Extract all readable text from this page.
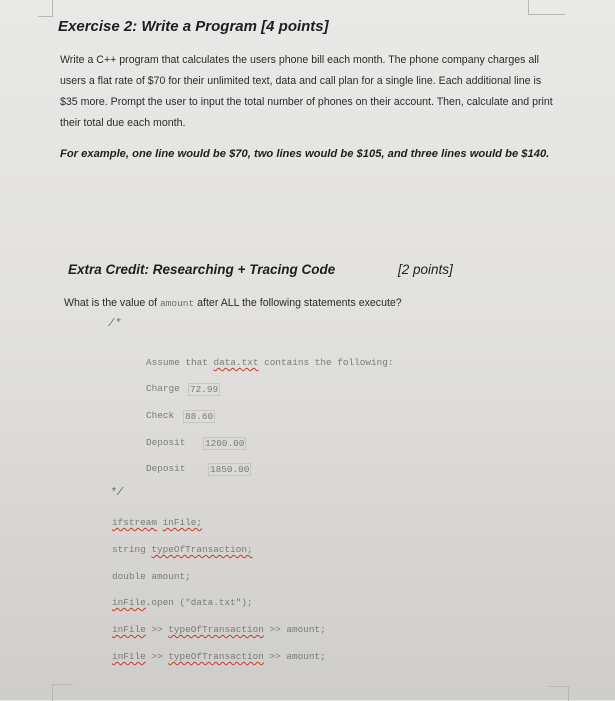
Exercise 2: Write a Program [4 points]
Write a C++ program that calculates the users phone bill each month. The phone company charges all users a flat rate of $70 for their unlimited text, data and call plan for a single line. Each additional line is $35 more. Prompt the user to input the total number of phones on their account. Then, calculate and print their total due each month.
For example, one line would be $70, two lines would be $105, and three lines would be $140.
Extra Credit: Researching + Tracing Code	[2 points]
What is the value of amount after ALL the following statements execute?
/*
Assume that data.txt contains the following:
Charge 72.99
Check 88.60
Deposit 1200.00
Deposit	1850.00
*/
ifstream inFile;
string typeOfTransaction;
double amount;
inFile.open ("data.txt");
inFile >> typeOfTransaction >> amount;
inFile >> typeOfTransaction >> amount;
